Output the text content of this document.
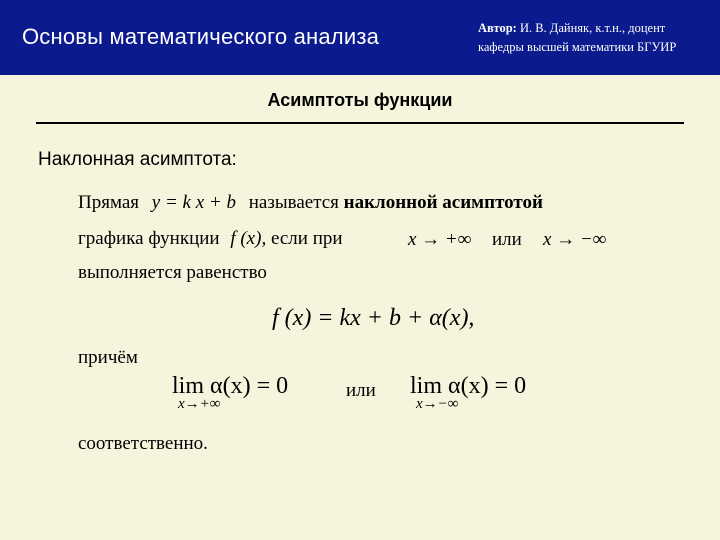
Основы математического анализа	Автор: И. В. Дайняк, к.т.н., доцент
кафедры высшей математики БГУИР
Асимптоты функции
Наклонная асимптота:
Прямая y = k x + b называется наклонной асимптотой
графика функции f (x), если при	x → +∞ или x → −∞
выполняется равенство
f (x) = kx + b + α(x),
причём
lim α(x) = 0
x→+∞
или lim α(x) = 0
x→−∞
соответственно.
